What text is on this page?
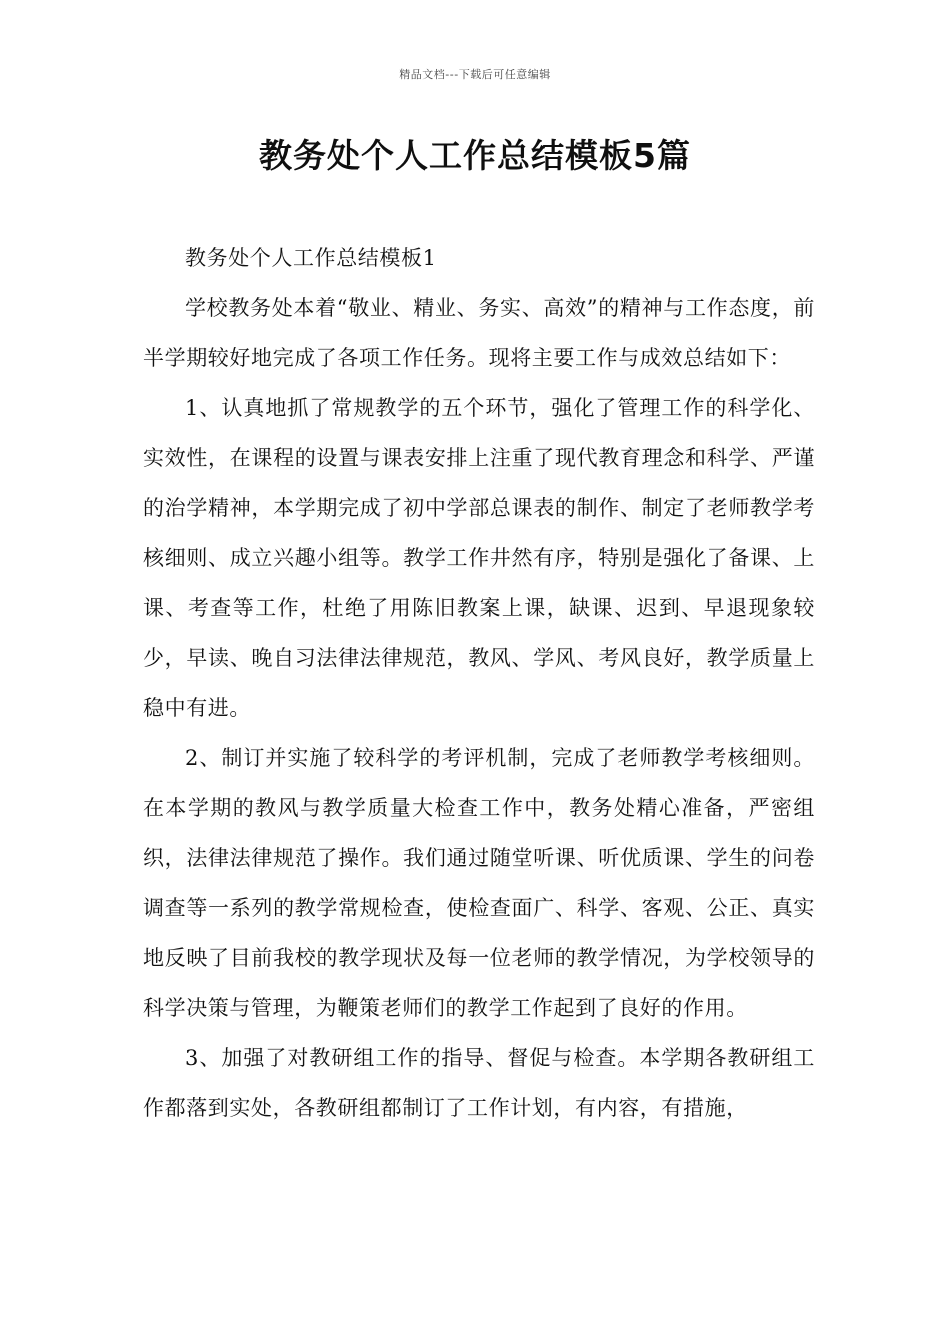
精品文档---下载后可任意编辑
教务处个人工作总结模板5篇

教务处个人工作总结模板1

学校教务处本着“敬业、精业、务实、高效”的精神与工作态度，前半学期较好地完成了各项工作任务。现将主要工作与成效总结如下：

1、认真地抓了常规教学的五个环节，强化了管理工作的科学化、实效性，在课程的设置与课表安排上注重了现代教育理念和科学、严谨的治学精神，本学期完成了初中学部总课表的制作、制定了老师教学考核细则、成立兴趣小组等。教学工作井然有序，特别是强化了备课、上课、考查等工作，杜绝了用陈旧教案上课，缺课、迟到、早退现象较少，早读、晚自习法律法律规范，教风、学风、考风良好，教学质量上稳中有进。

2、制订并实施了较科学的考评机制，完成了老师教学考核细则。在本学期的教风与教学质量大检查工作中，教务处精心准备，严密组织，法律法律规范了操作。我们通过随堂听课、听优质课、学生的问卷调查等一系列的教学常规检查，使检查面广、科学、客观、公正、真实地反映了目前我校的教学现状及每一位老师的教学情况，为学校领导的科学决策与管理，为鞭策老师们的教学工作起到了良好的作用。

3、加强了对教研组工作的指导、督促与检查。本学期各教研组工作都落到实处，各教研组都制订了工作计划，有内容，有措施，
